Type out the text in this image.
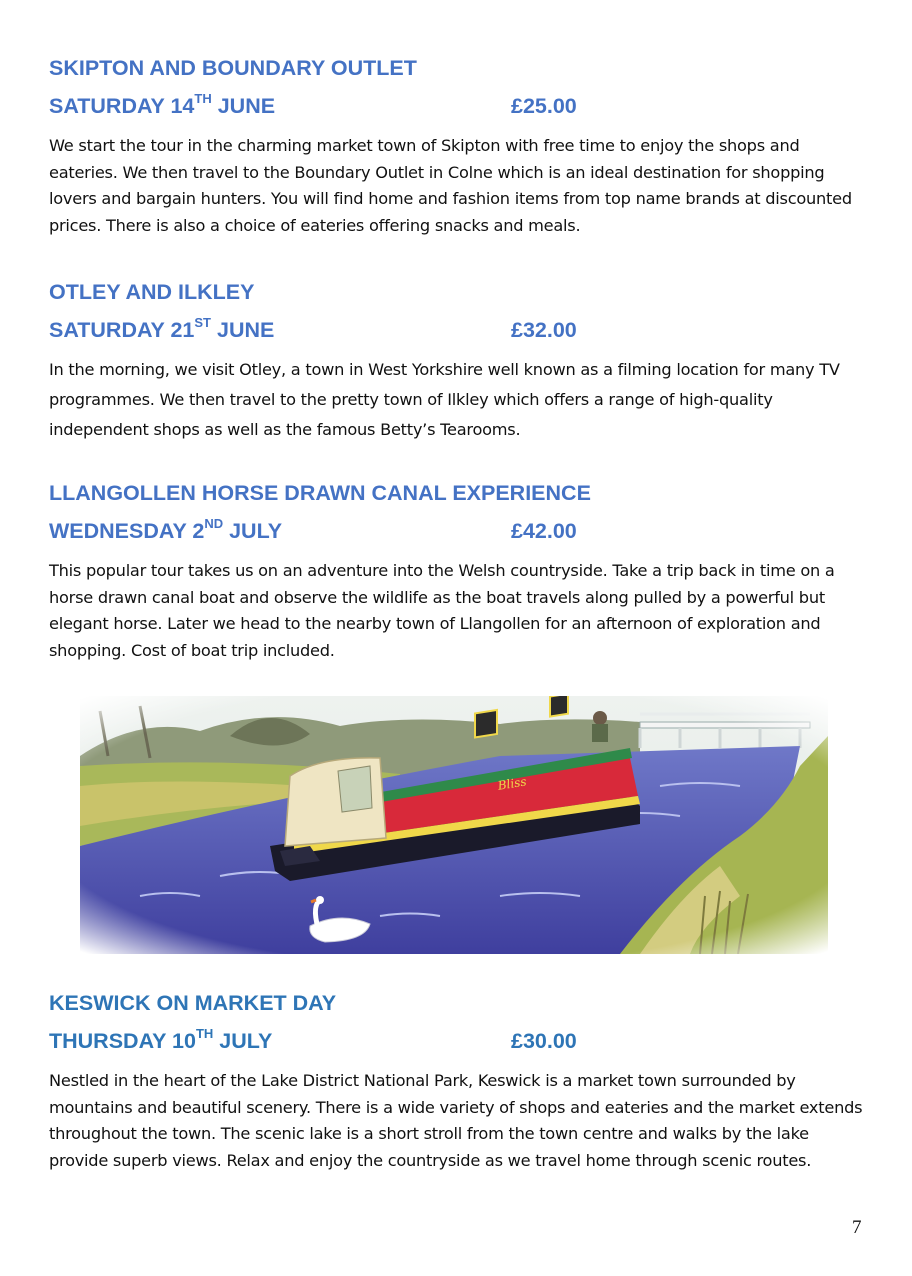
SKIPTON AND BOUNDARY OUTLET
SATURDAY 14TH JUNE	£25.00

We start the tour in the charming market town of Skipton with free time to enjoy the shops and eateries. We then travel to the Boundary Outlet in Colne which is an ideal destination for shopping lovers and bargain hunters. You will find home and fashion items from top name brands at discounted prices. There is also a choice of eateries offering snacks and meals.

OTLEY AND ILKLEY
SATURDAY 21ST JUNE	£32.00

In the morning, we visit Otley, a town in West Yorkshire well known as a filming location for many TV programmes. We then travel to the pretty town of Ilkley which offers a range of high-quality independent shops as well as the famous Betty’s Tearooms.

LLANGOLLEN HORSE DRAWN CANAL EXPERIENCE
WEDNESDAY 2ND JULY	£42.00

This popular tour takes us on an adventure into the Welsh countryside. Take a trip back in time on a horse drawn canal boat and observe the wildlife as the boat travels along pulled by a powerful but elegant horse. Later we head to the nearby town of Llangollen for an afternoon of exploration and shopping. Cost of boat trip included.

KESWICK ON MARKET DAY
THURSDAY 10TH JULY	£30.00

Nestled in the heart of the Lake District National Park, Keswick is a market town surrounded by mountains and beautiful scenery. There is a wide variety of shops and eateries and the market extends throughout the town. The scenic lake is a short stroll from the town centre and walks by the lake provide superb views. Relax and enjoy the countryside as we travel home through scenic routes.

7
